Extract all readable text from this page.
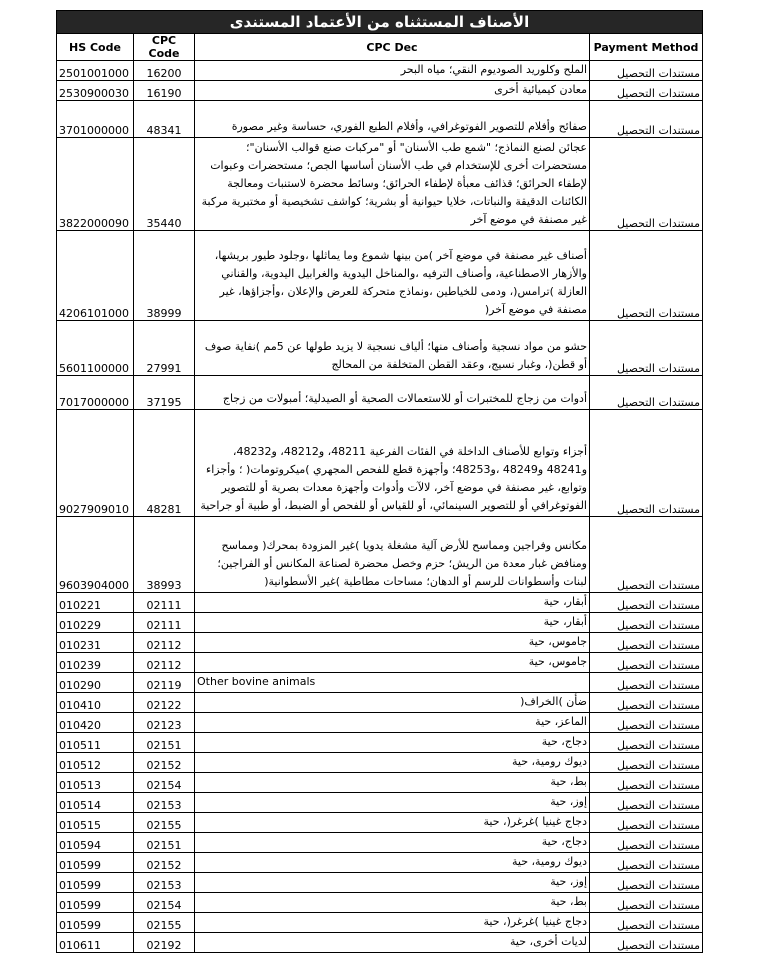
الأصناف المستثناه من الأعتماد المستندى			
HS Code	CPC Code	CPC Dec	Payment Method
2501001000	16200	الملح وكلوريد الصوديوم النقي؛ مياه البحر	مستندات التحصيل
2530900030	16190	معادن كيميائية أخرى	مستندات التحصيل
3701000000	48341	صفائح وأفلام للتصوير الفوتوغرافي، وأفلام الطبع الفوري، حساسة وغير مصورة	مستندات التحصيل
3822000090	35440	عجائن لصنع النماذج؛ "شمع طب الأسنان" أو "مركبات صنع قوالب الأسنان"؛ مستحضرات أخرى للإستخدام في طب الأسنان أساسها الجص؛ مستحضرات وعبوات لإطفاء الحرائق؛ قذائف معبأة لإطفاء الحرائق؛ وسائط محضرة لاستنبات ومعالجة الكائنات الدقيقة والنباتات، خلايا حيوانية أو بشرية؛ كواشف تشخيصية أو مختبرية مركبة غير مصنفة في موضع آخر	مستندات التحصيل
4206101000	38999	أصناف غير مصنفة في موضع آخر )من بينها شموع وما يماثلها ،وجلود طيور بريشها، والأزهار الاصطناعية، وأصناف الترفيه ،والمناخل اليدوية والغرابيل اليدوية، والقناني العازلة )ترامس(، ودمى للخياطين ،ونماذج متحركة للعرض والإعلان ،وأجزاؤها، غير مصنفة في موضع آخر(	مستندات التحصيل
5601100000	27991	حشو من مواد نسجية وأصناف منها؛ ألياف نسجية لا يزيد طولها عن 5مم )نفاية صوف أو قطن(، وغبار نسيج، وعقد القطن المتخلفة من المحالج	مستندات التحصيل
7017000000	37195	أدوات من زجاج للمختبرات أو للاستعمالات الصحية أو الصيدلية؛ أمبولات من زجاج	مستندات التحصيل
9027909010	48281	أجزاء وتوابع للأصناف الداخلة في الفئات الفرعية 48211، و48212، و48232، و48241 و48249 ،و48253؛ وأجهزة قطع للفحص المجهري )ميكروتومات( ؛ وأجزاء وتوابع، غير مصنفة في موضع آخر، لالآت وأدوات وأجهزة معدات بصرية أو للتصوير الفوتوغرافي أو للتصوير السينمائي، أو للقياس أو للفحص أو الضبط، أو طبية أو جراحية	مستندات التحصيل
9603904000	38993	مكانس وفراجين ومماسح للأرض آلية مشغلة يدويا )غير المزودة بمحرك( ومماسح ومنافض غبار معدة من الريش؛ حزم وخصل محضرة لصناعة المكانس أو الفراجين؛ لبنات وأسطوانات للرسم أو الدهان؛ مساحات مطاطية )غير الأسطوانية(	مستندات التحصيل
010221	02111	أبقار، حية	مستندات التحصيل
010229	02111	أبقار، حية	مستندات التحصيل
010231	02112	جاموس، حية	مستندات التحصيل
010239	02112	جاموس، حية	مستندات التحصيل
010290	02119	Other bovine animals	مستندات التحصيل
010410	02122	ضأن )الخراف(	مستندات التحصيل
010420	02123	الماعز، حية	مستندات التحصيل
010511	02151	دجاج، حية	مستندات التحصيل
010512	02152	ديوك رومية، حية	مستندات التحصيل
010513	02154	بط، حية	مستندات التحصيل
010514	02153	إوز، حية	مستندات التحصيل
010515	02155	دجاج غينيا )غرغر(، حية	مستندات التحصيل
010594	02151	دجاج، حية	مستندات التحصيل
010599	02152	ديوك رومية، حية	مستندات التحصيل
010599	02153	إوز، حية	مستندات التحصيل
010599	02154	بط، حية	مستندات التحصيل
010599	02155	دجاج غينيا )غرغر(، حية	مستندات التحصيل
010611	02192	لديات أخرى، حية	مستندات التحصيل
